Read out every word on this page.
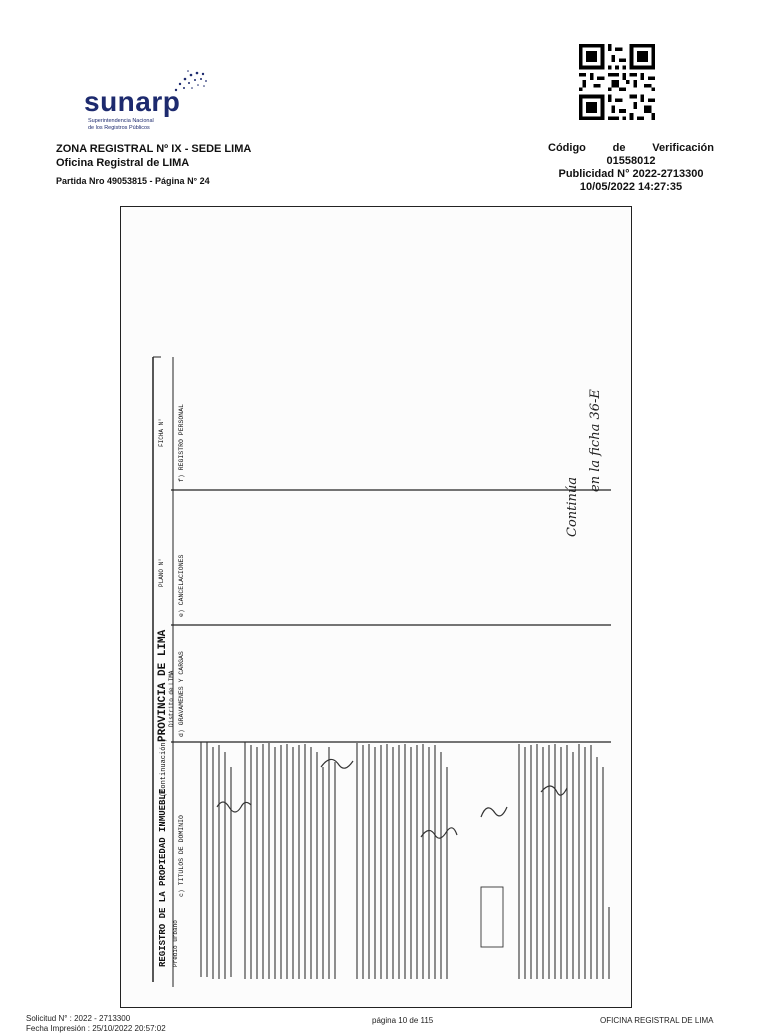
sunarp
Superintendencia Nacional
de los Registros Públicos
ZONA REGISTRAL Nº IX - SEDE LIMA
Oficina Registral de LIMA
Partida Nro 49053815 - Página N° 24
Código de Verificación
01558012
Publicidad N° 2022-2713300
10/05/2022 14:27:35
REGISTRO DE LA PROPIEDAD INMUEBLE
(Continuación)
PROVINCIA DE LIMA Distrito de
LIMA
PLANO N°
FICHA N°
Predio urbano
c) TITULOS DE DOMINIO
d) GRAVAMENES Y CARGAS
e) CANCELACIONES
f) REGISTRO PERSONAL
Continúa
en la ficha 36-E
Solicitud N° : 2022 - 2713300
Fecha Impresión : 25/10/2022 20:57:02
página 10 de 115	OFICINA REGISTRAL DE LIMA
